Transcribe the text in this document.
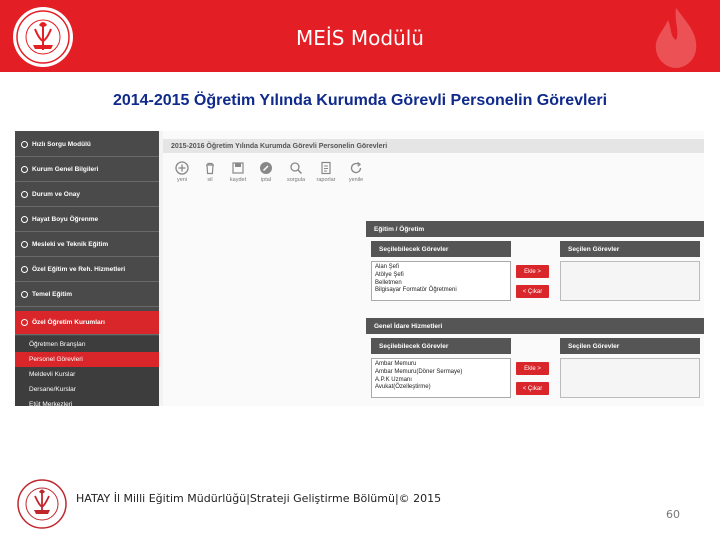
MEİS Modülü
2014-2015 Öğretim Yılında Kurumda Görevli Personelin Görevleri
Hızlı Sorgu Modülü
Kurum Genel Bilgileri
Durum ve Onay
Hayat Boyu Öğrenme
Mesleki ve Teknik Eğitim
Özel Eğitim ve Reh. Hizmetleri
Temel Eğitim
Özel Öğretim Kurumları
Öğretmen Branşları
Personel Görevleri
Meldevli Kurslar
Dersane/Kurslar
Etüt Merkezleri
2015-2016 Öğretim Yılında Kurumda Görevli Personelin Görevleri
yeni	sil	kaydet	iptal	sorgula	raporlar	yenile
Eğitim / Öğretim
Seçilebilecek Görevler	Seçilen Görevler
Alan Şefi
Atölye Şefi
Belletmen
Bilgisayar Formatör Öğretmeni
Ekle >
< Çıkar
Genel İdare Hizmetleri
Seçilebilecek Görevler	Seçilen Görevler
Ambar Memuru
Ambar Memuru(Döner Sermaye)
A.P.K Uzmanı
Avukat(Özelleştirme)
Ekle >
< Çıkar
HATAY İl Milli Eğitim Müdürlüğü|Strateji Geliştirme Bölümü|© 2015
60
